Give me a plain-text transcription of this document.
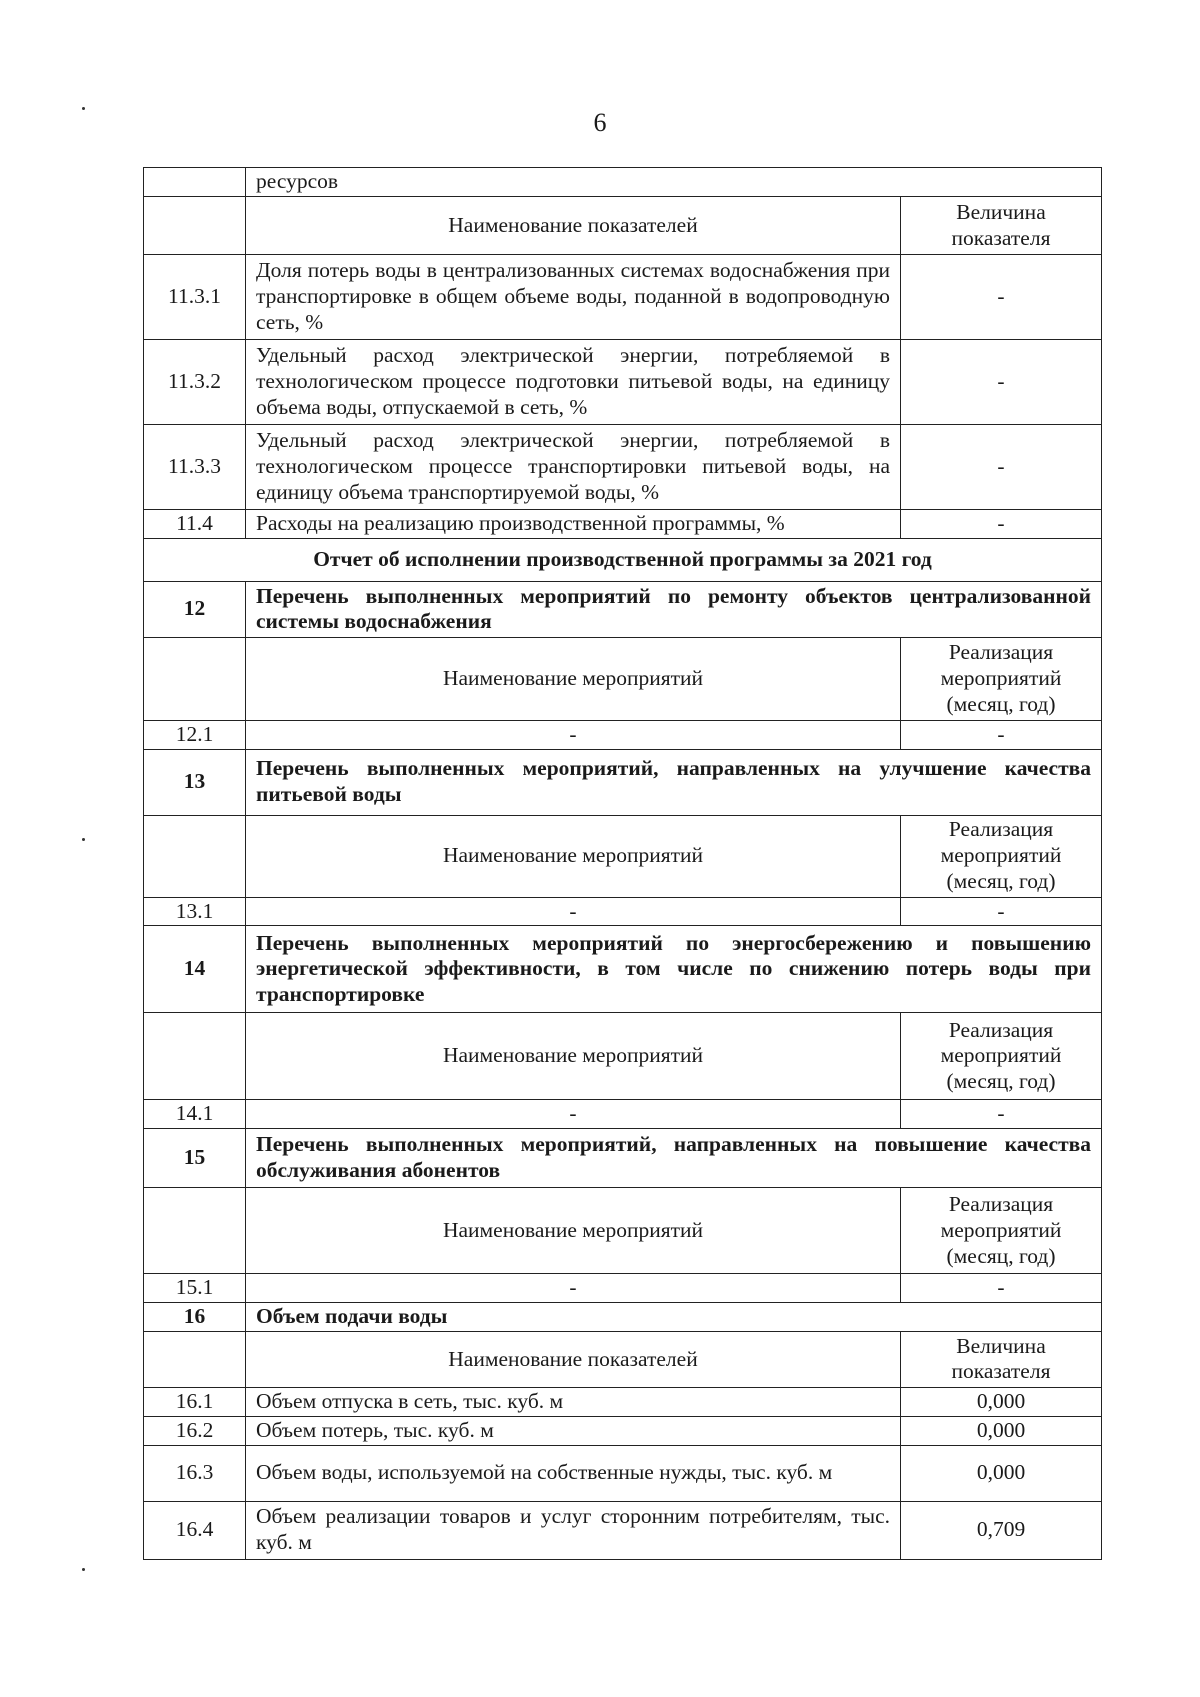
6
	ресурсов	
	Наименование показателей	Величина показателя
11.3.1	Доля потерь воды в централизованных системах водоснабжения при транспортировке в общем объеме воды, поданной в водопроводную сеть, %	-
11.3.2	Удельный расход электрической энергии, потребляемой в технологическом процессе подготовки питьевой воды, на единицу объема воды, отпускаемой в сеть, %	-
11.3.3	Удельный расход электрической энергии, потребляемой в технологическом процессе транспортировки питьевой воды, на единицу объема транспортируемой воды, %	-
11.4	Расходы на реализацию производственной программы, %	-
Отчет об исполнении производственной программы за 2021 год		
12	Перечень выполненных мероприятий по ремонту объектов централизованной системы водоснабжения	
	Наименование мероприятий	Реализация мероприятий (месяц, год)
12.1	-	-
13	Перечень выполненных мероприятий, направленных на улучшение качества питьевой воды	
	Наименование мероприятий	Реализация мероприятий (месяц, год)
13.1	-	-
14	Перечень выполненных мероприятий по энергосбережению и повышению энергетической эффективности, в том числе по снижению потерь воды при транспортировке	
	Наименование мероприятий	Реализация мероприятий (месяц, год)
14.1	-	-
15	Перечень выполненных мероприятий, направленных на повышение качества обслуживания абонентов	
	Наименование мероприятий	Реализация мероприятий (месяц, год)
15.1	-	-
16	Объем подачи воды	
	Наименование показателей	Величина показателя
16.1	Объем отпуска в сеть, тыс. куб. м	0,000
16.2	Объем потерь, тыс. куб. м	0,000
16.3	Объем воды, используемой на собственные нужды, тыс. куб. м	0,000
16.4	Объем реализации товаров и услуг сторонним потребителям, тыс. куб. м	0,709
